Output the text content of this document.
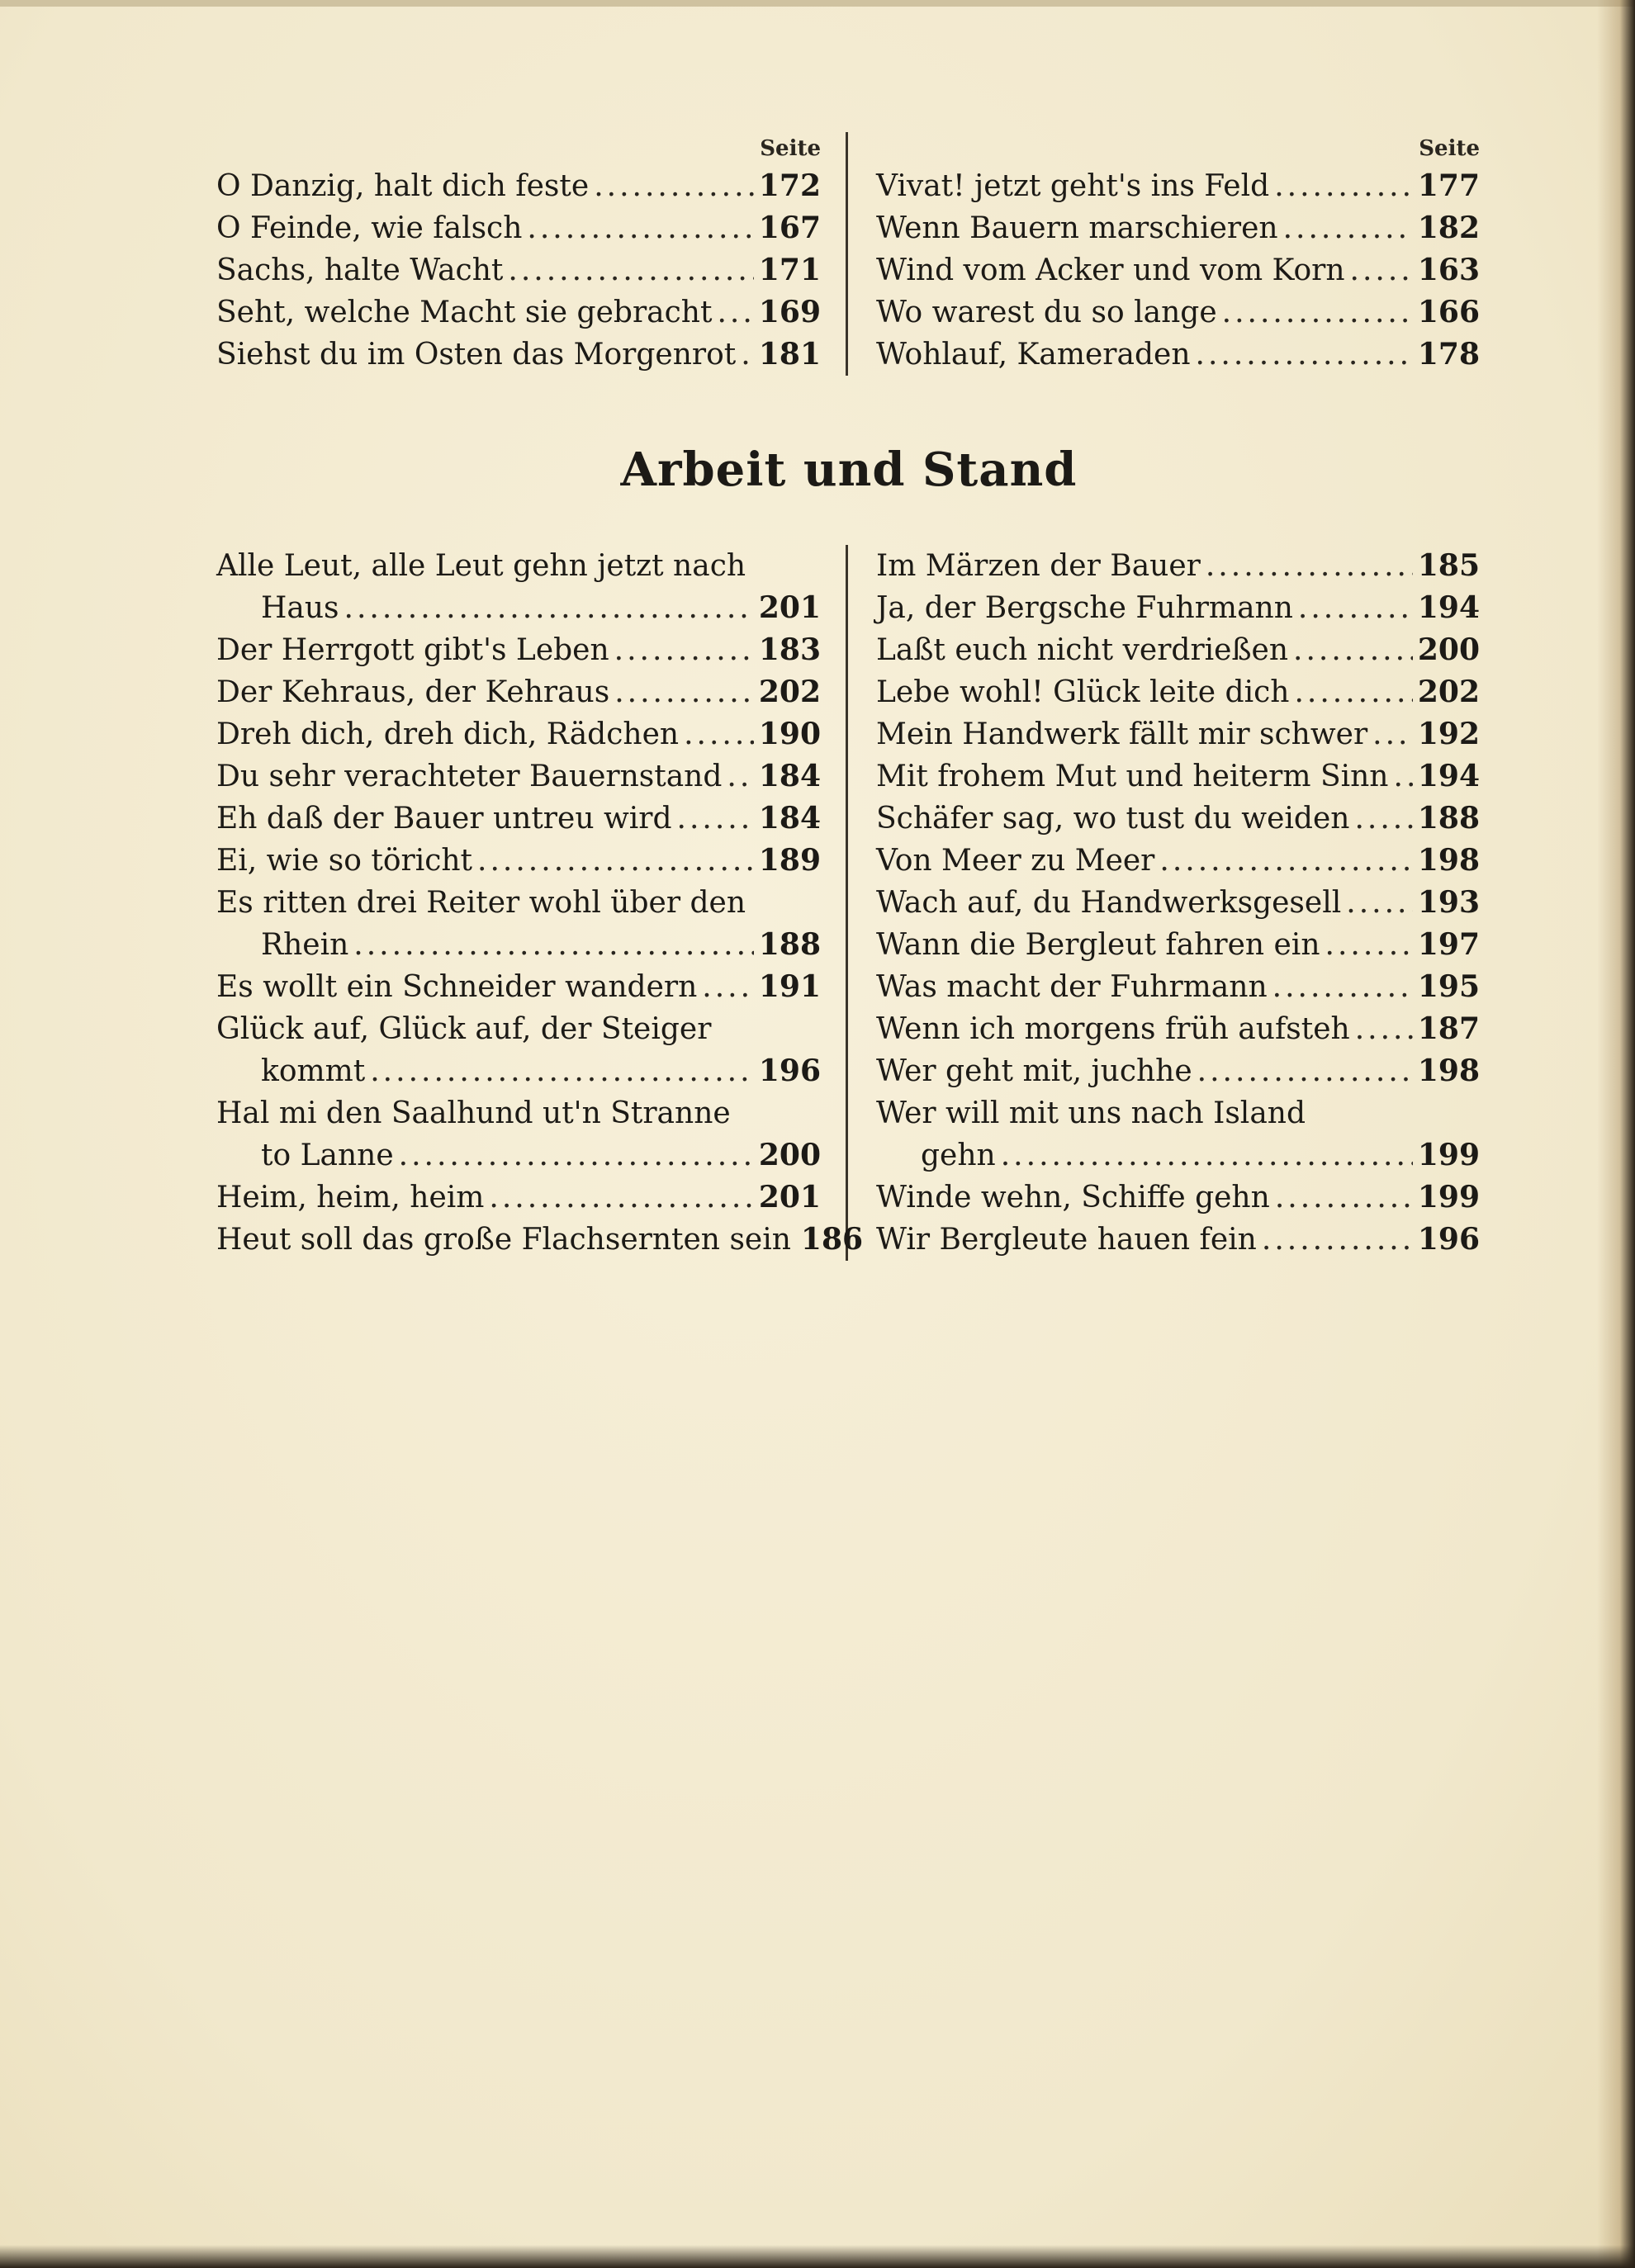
Seite
O Danzig, halt dich feste .....	172
O Feinde, wie falsch .....	167
Sachs, halte Wacht .....	171
Seht, welche Macht sie gebracht ..... 169
Siehst du im Osten das Morgenrot ..... 181
Seite
Vivat! jetzt geht's ins Feld .....	177
Wenn Bauern marschieren .....	182
Wind vom Acker und vom Korn ..... 163
Wo warest du so lange .....	166
Wohlauf, Kameraden .....	178
Arbeit und Stand
Alle Leut, alle Leut gehn jetzt nach
Haus .....	201
Der Herrgott gibt's Leben .....	183
Der Kehraus, der Kehraus .....	202
Dreh dich, dreh dich, Rädchen .....	190
Du sehr verachteter Bauernstand ..... 184
Eh daß der Bauer untreu wird .....	184
Ei, wie so töricht .....	189
Es ritten drei Reiter wohl über den
Rhein .....	188
Es wollt ein Schneider wandern ..... 191
Glück auf, Glück auf, der Steiger
kommt .....	196
Hal mi den Saalhund ut'n Stranne
to Lanne .....	200
Heim, heim, heim .....	201
Heut soll das große Flachsernten sein 186
Im Märzen der Bauer .....	185
Ja, der Bergsche Fuhrmann .....	194
Laßt euch nicht verdrießen .....	200
Lebe wohl! Glück leite dich .....	202
Mein Handwerk fällt mir schwer ..... 192
Mit frohem Mut und heiterm Sinn ..... 194
Schäfer sag, wo tust du weiden ..... 188
Von Meer zu Meer .....	198
Wach auf, du Handwerksgesell .....	193
Wann die Bergleut fahren ein .....	197
Was macht der Fuhrmann .....	195
Wenn ich morgens früh aufsteh ..... 187
Wer geht mit, juchhe .....	198
Wer will mit uns nach Island
gehn .....	199
Winde wehn, Schiffe gehn .....	199
Wir Bergleute hauen fein .....	196
